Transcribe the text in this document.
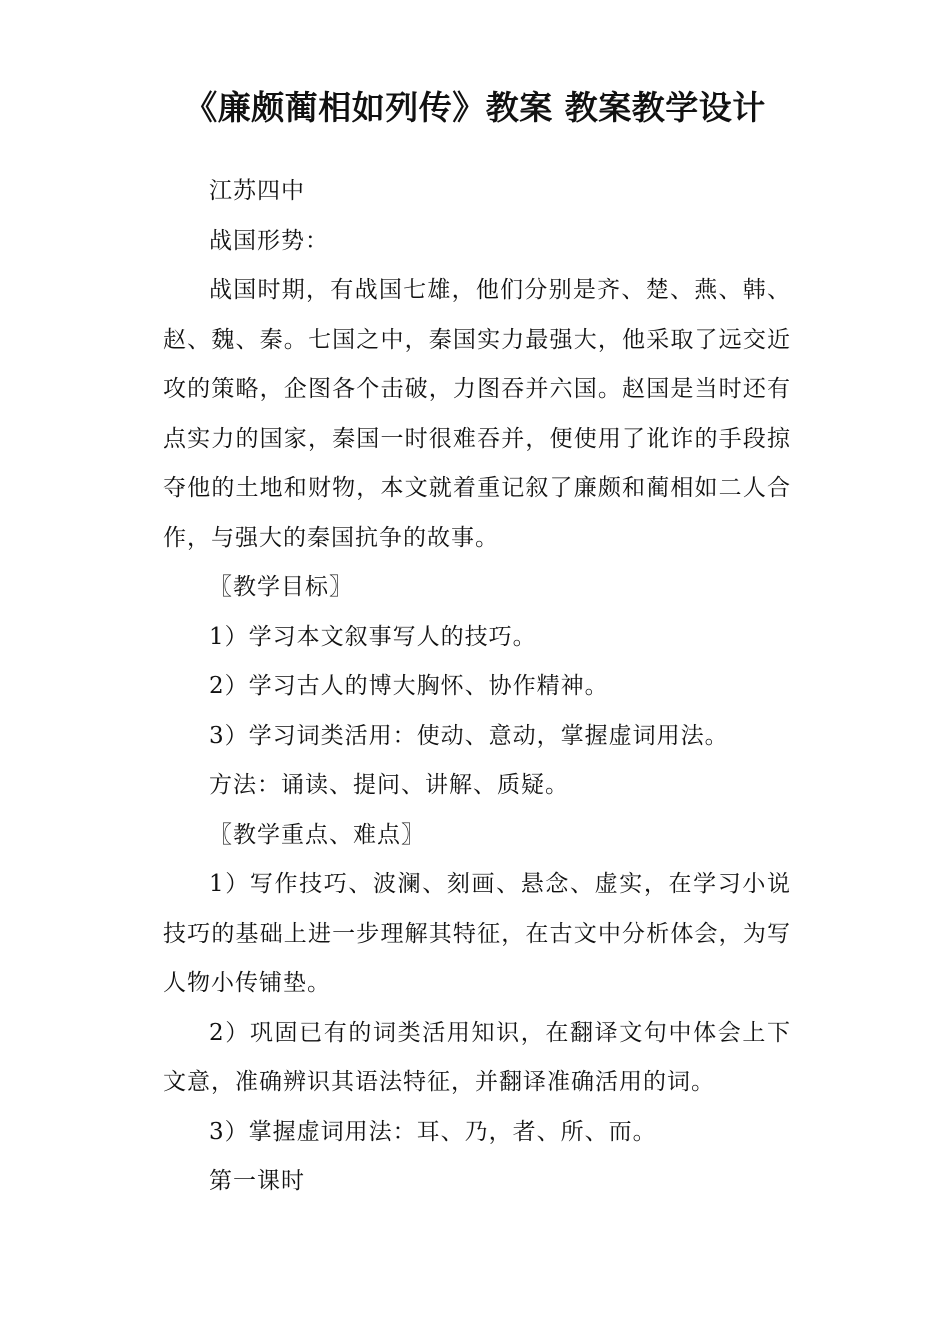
《廉颇蔺相如列传》教案 教案教学设计

江苏四中

战国形势：

战国时期，有战国七雄，他们分别是齐、楚、燕、韩、赵、魏、秦。七国之中，秦国实力最强大，他采取了远交近攻的策略，企图各个击破，力图吞并六国。赵国是当时还有点实力的国家，秦国一时很难吞并，便使用了讹诈的手段掠夺他的土地和财物，本文就着重记叙了廉颇和蔺相如二人合作，与强大的秦国抗争的故事。

〖教学目标〗

1）学习本文叙事写人的技巧。

2）学习古人的博大胸怀、协作精神。

3）学习词类活用：使动、意动，掌握虚词用法。

方法：诵读、提问、讲解、质疑。

〖教学重点、难点〗

1）写作技巧、波澜、刻画、悬念、虚实，在学习小说技巧的基础上进一步理解其特征，在古文中分析体会，为写人物小传铺垫。

2）巩固已有的词类活用知识，在翻译文句中体会上下文意，准确辨识其语法特征，并翻译准确活用的词。

3）掌握虚词用法：耳、乃，者、所、而。

第一课时
